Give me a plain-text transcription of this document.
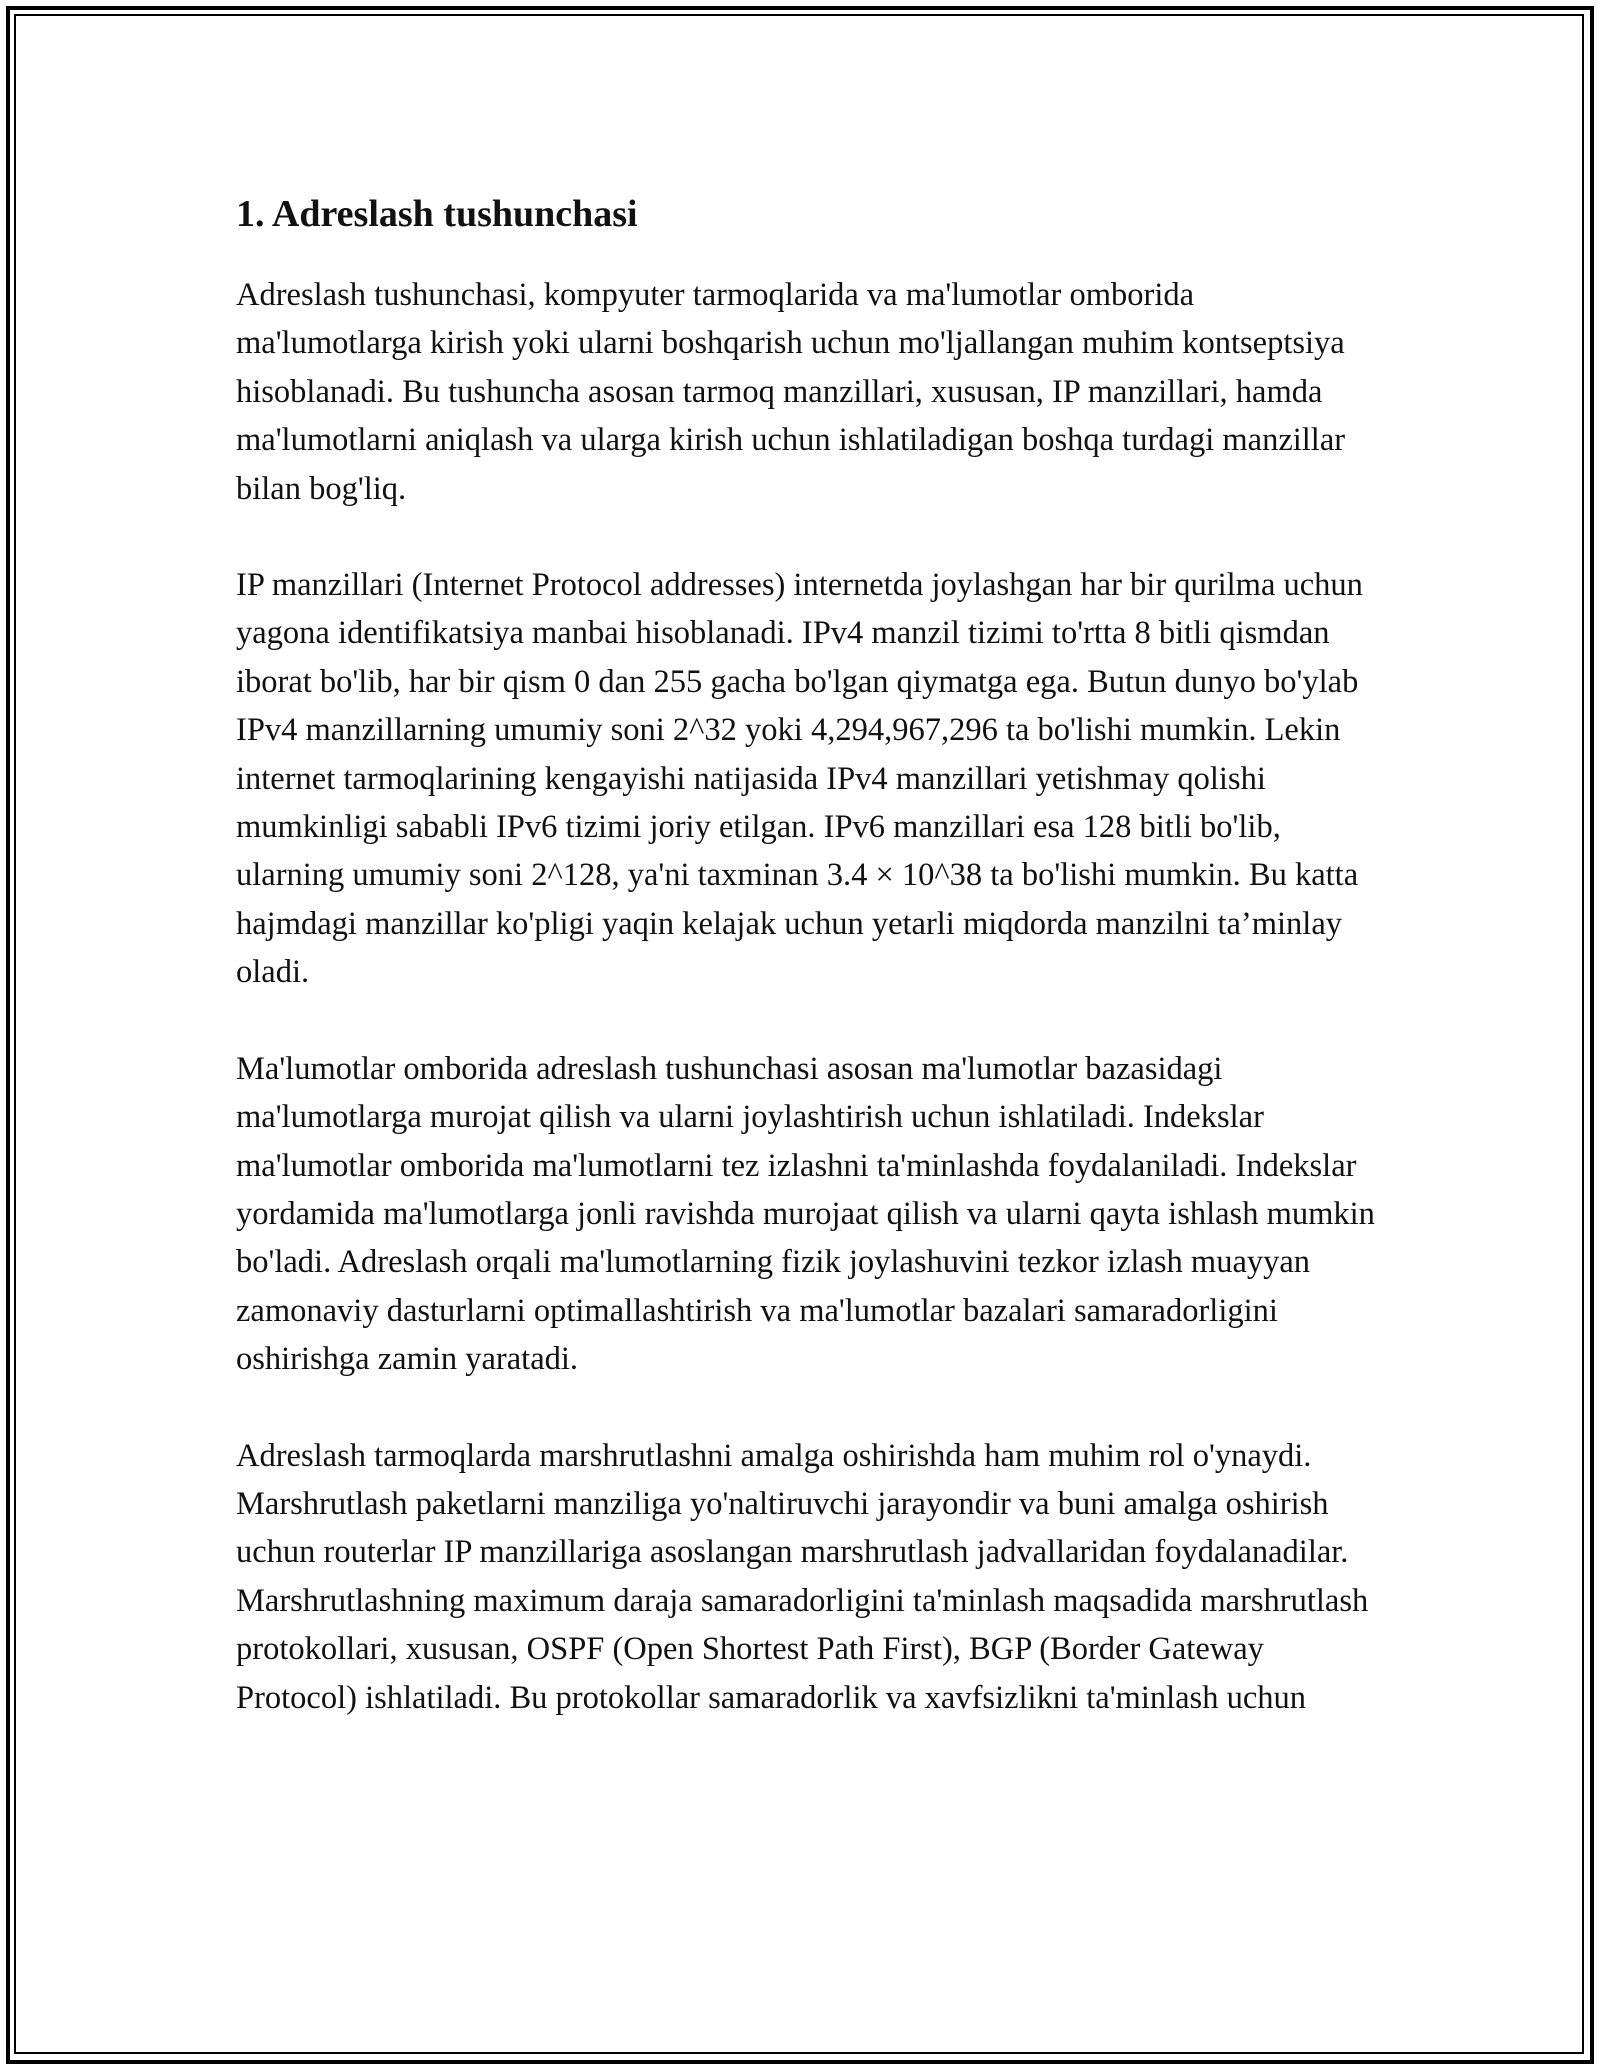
1. Adreslash tushunchasi

Adreslash tushunchasi, kompyuter tarmoqlarida va ma'lumotlar omborida ma'lumotlarga kirish yoki ularni boshqarish uchun mo'ljallangan muhim kontseptsiya hisoblanadi. Bu tushuncha asosan tarmoq manzillari, xususan, IP manzillari, hamda ma'lumotlarni aniqlash va ularga kirish uchun ishlatiladigan boshqa turdagi manzillar bilan bog'liq.

IP manzillari (Internet Protocol addresses) internetda joylashgan har bir qurilma uchun yagona identifikatsiya manbai hisoblanadi. IPv4 manzil tizimi to'rtta 8 bitli qismdan iborat bo'lib, har bir qism 0 dan 255 gacha bo'lgan qiymatga ega. Butun dunyo bo'ylab IPv4 manzillarning umumiy soni 2^32 yoki 4,294,967,296 ta bo'lishi mumkin. Lekin internet tarmoqlarining kengayishi natijasida IPv4 manzillari yetishmay qolishi mumkinligi sababli IPv6 tizimi joriy etilgan. IPv6 manzillari esa 128 bitli bo'lib, ularning umumiy soni 2^128, ya'ni taxminan 3.4 × 10^38 ta bo'lishi mumkin. Bu katta hajmdagi manzillar ko'pligi yaqin kelajak uchun yetarli miqdorda manzilni ta’minlay oladi.

Ma'lumotlar omborida adreslash tushunchasi asosan ma'lumotlar bazasidagi ma'lumotlarga murojat qilish va ularni joylashtirish uchun ishlatiladi. Indekslar ma'lumotlar omborida ma'lumotlarni tez izlashni ta'minlashda foydalaniladi. Indekslar yordamida ma'lumotlarga jonli ravishda murojaat qilish va ularni qayta ishlash mumkin bo'ladi. Adreslash orqali ma'lumotlarning fizik joylashuvini tezkor izlash muayyan zamonaviy dasturlarni optimallashtirish va ma'lumotlar bazalari samaradorligini oshirishga zamin yaratadi.

Adreslash tarmoqlarda marshrutlashni amalga oshirishda ham muhim rol o'ynaydi. Marshrutlash paketlarni manziliga yo'naltiruvchi jarayondir va buni amalga oshirish uchun routerlar IP manzillariga asoslangan marshrutlash jadvallaridan foydalanadilar. Marshrutlashning maximum daraja samaradorligini ta'minlash maqsadida marshrutlash protokollari, xususan, OSPF (Open Shortest Path First), BGP (Border Gateway Protocol) ishlatiladi. Bu protokollar samaradorlik va xavfsizlikni ta'minlash uchun
